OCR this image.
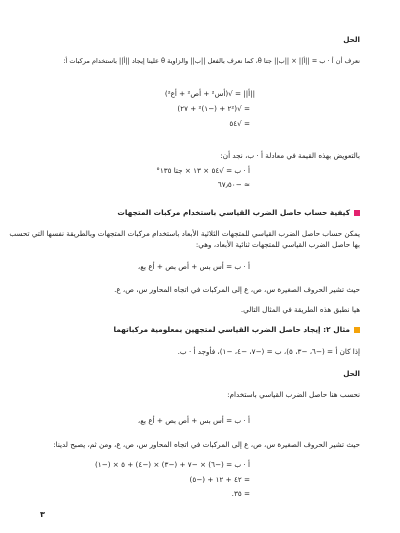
الحل
نعرف أن أ · ب = ||أ|| × ||ب|| جتا θ، كما نعرف بالفعل ||ب|| والزاوية θ علينا إيجاد ||أ|| باستخدام مركبات أ:
||أ|| = √(أس² + أص² + أع²)
= √(٢² + (−١)² + ٢٧)
= √٥٤
بالتعويض بهذه القيمة في معادلة أ · ب، نجد أن:
أ · ب = √٥٤ × ١٣ × جتا ١٣٥°
≈ −٦٧٫٥٠
كيفية حساب حاصل الضرب القياسي باستخدام مركبات المتجهات
يمكن حساب حاصل الضرب القياسي للمتجهات الثلاثية الأبعاد باستخدام مركبات المتجهات وبالطريقة نفسها التي تحسب
بها حاصل الضرب القياسي للمتجهات ثنائية الأبعاد، وهي:
أ · ب = أس بس + أص بص + أع بع،
حيث تشير الحروف الصغيرة س، ص، ع إلى المركبات في اتجاه المحاور س، ص، ع.
هيا نطبق هذه الطريقة في المثال التالي.
مثال ٢: إيجاد حاصل الضرب القياسي لمتجهين بمعلومية مركباتهما
إذا كان أ = (−٦، −٣، ٥)، ب = (−٧، −٤، −١)، فأوجد أ · ب.
الحل
نحسب هنا حاصل الضرب القياسي باستخدام:
أ · ب = أس بس + أص بص + أع بع،
حيث تشير الحروف الصغيرة س، ص، ع إلى المركبات في اتجاه المحاور س، ص، ع، ومن ثم، يصبح لدينا:
أ · ب = (−٦) × −٧ + (−٣) × (−٤) + ٥ × (−١)
= ٤٢ + ١٢ + (−٥)
= ٣٥.
٣
